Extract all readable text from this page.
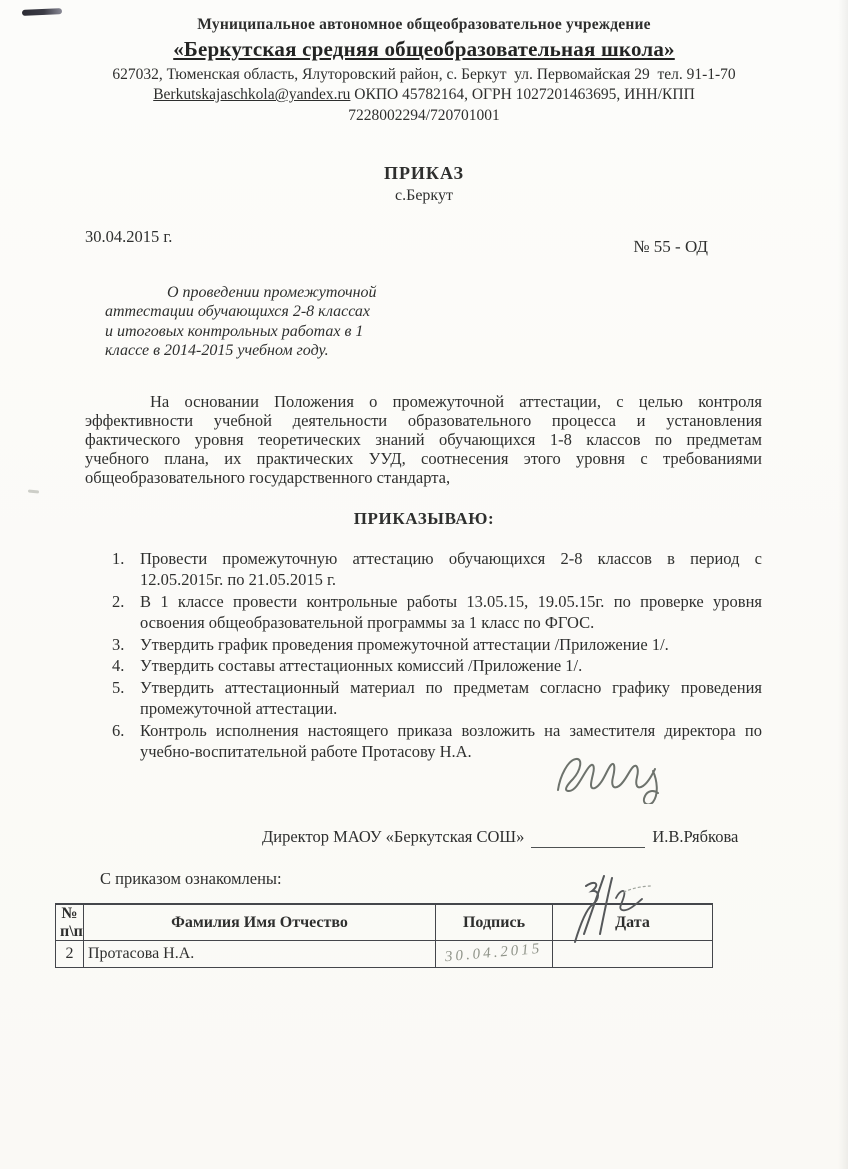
Муниципальное автономное общеобразовательное учреждение
«Беркутская средняя общеобразовательная школа»
627032, Тюменская область, Ялуторовский район, с. Беркут  ул. Первомайская 29  тел. 91-1-70
Berkutskajaschkola@yandex.ru ОКПО 45782164, ОГРН 1027201463695, ИНН/КПП
7228002294/720701001
ПРИКАЗ
с.Беркут
30.04.2015 г.
№ 55 - ОД
О проведении промежуточной
аттестации обучающихся 2-8 классах
и итоговых контрольных работах в 1
классе в 2014-2015 учебном году.
На основании Положения о промежуточной аттестации, с целью контроля
эффективности учебной деятельности образовательного процесса и установления
фактического уровня теоретических знаний обучающихся 1-8 классов по предметам
учебного плана, их практических УУД, соотнесения этого уровня с требованиями
общеобразовательного государственного стандарта,
ПРИКАЗЫВАЮ:
1. Провести промежуточную аттестацию обучающихся 2-8 классов в период с
12.05.2015г. по 21.05.2015 г.
2. В 1 классе провести контрольные работы 13.05.15, 19.05.15г. по проверке уровня
освоения общеобразовательной программы за 1 класс по ФГОС.
3. Утвердить график проведения промежуточной аттестации /Приложение 1/.
4. Утвердить составы аттестационных комиссий /Приложение 1/.
5. Утвердить аттестационный материал по предметам согласно графику проведения
промежуточной аттестации.
6. Контроль исполнения настоящего приказа возложить на заместителя директора по
учебно-воспитательной работе Протасову Н.А.
Директор МАОУ «Беркутская СОШ»	И.В.Рябкова
С приказом ознакомлены:
№
п\п	Фамилия Имя Отчество	Подпись	Дата
2	Протасова Н.А.	30.04.2015	
